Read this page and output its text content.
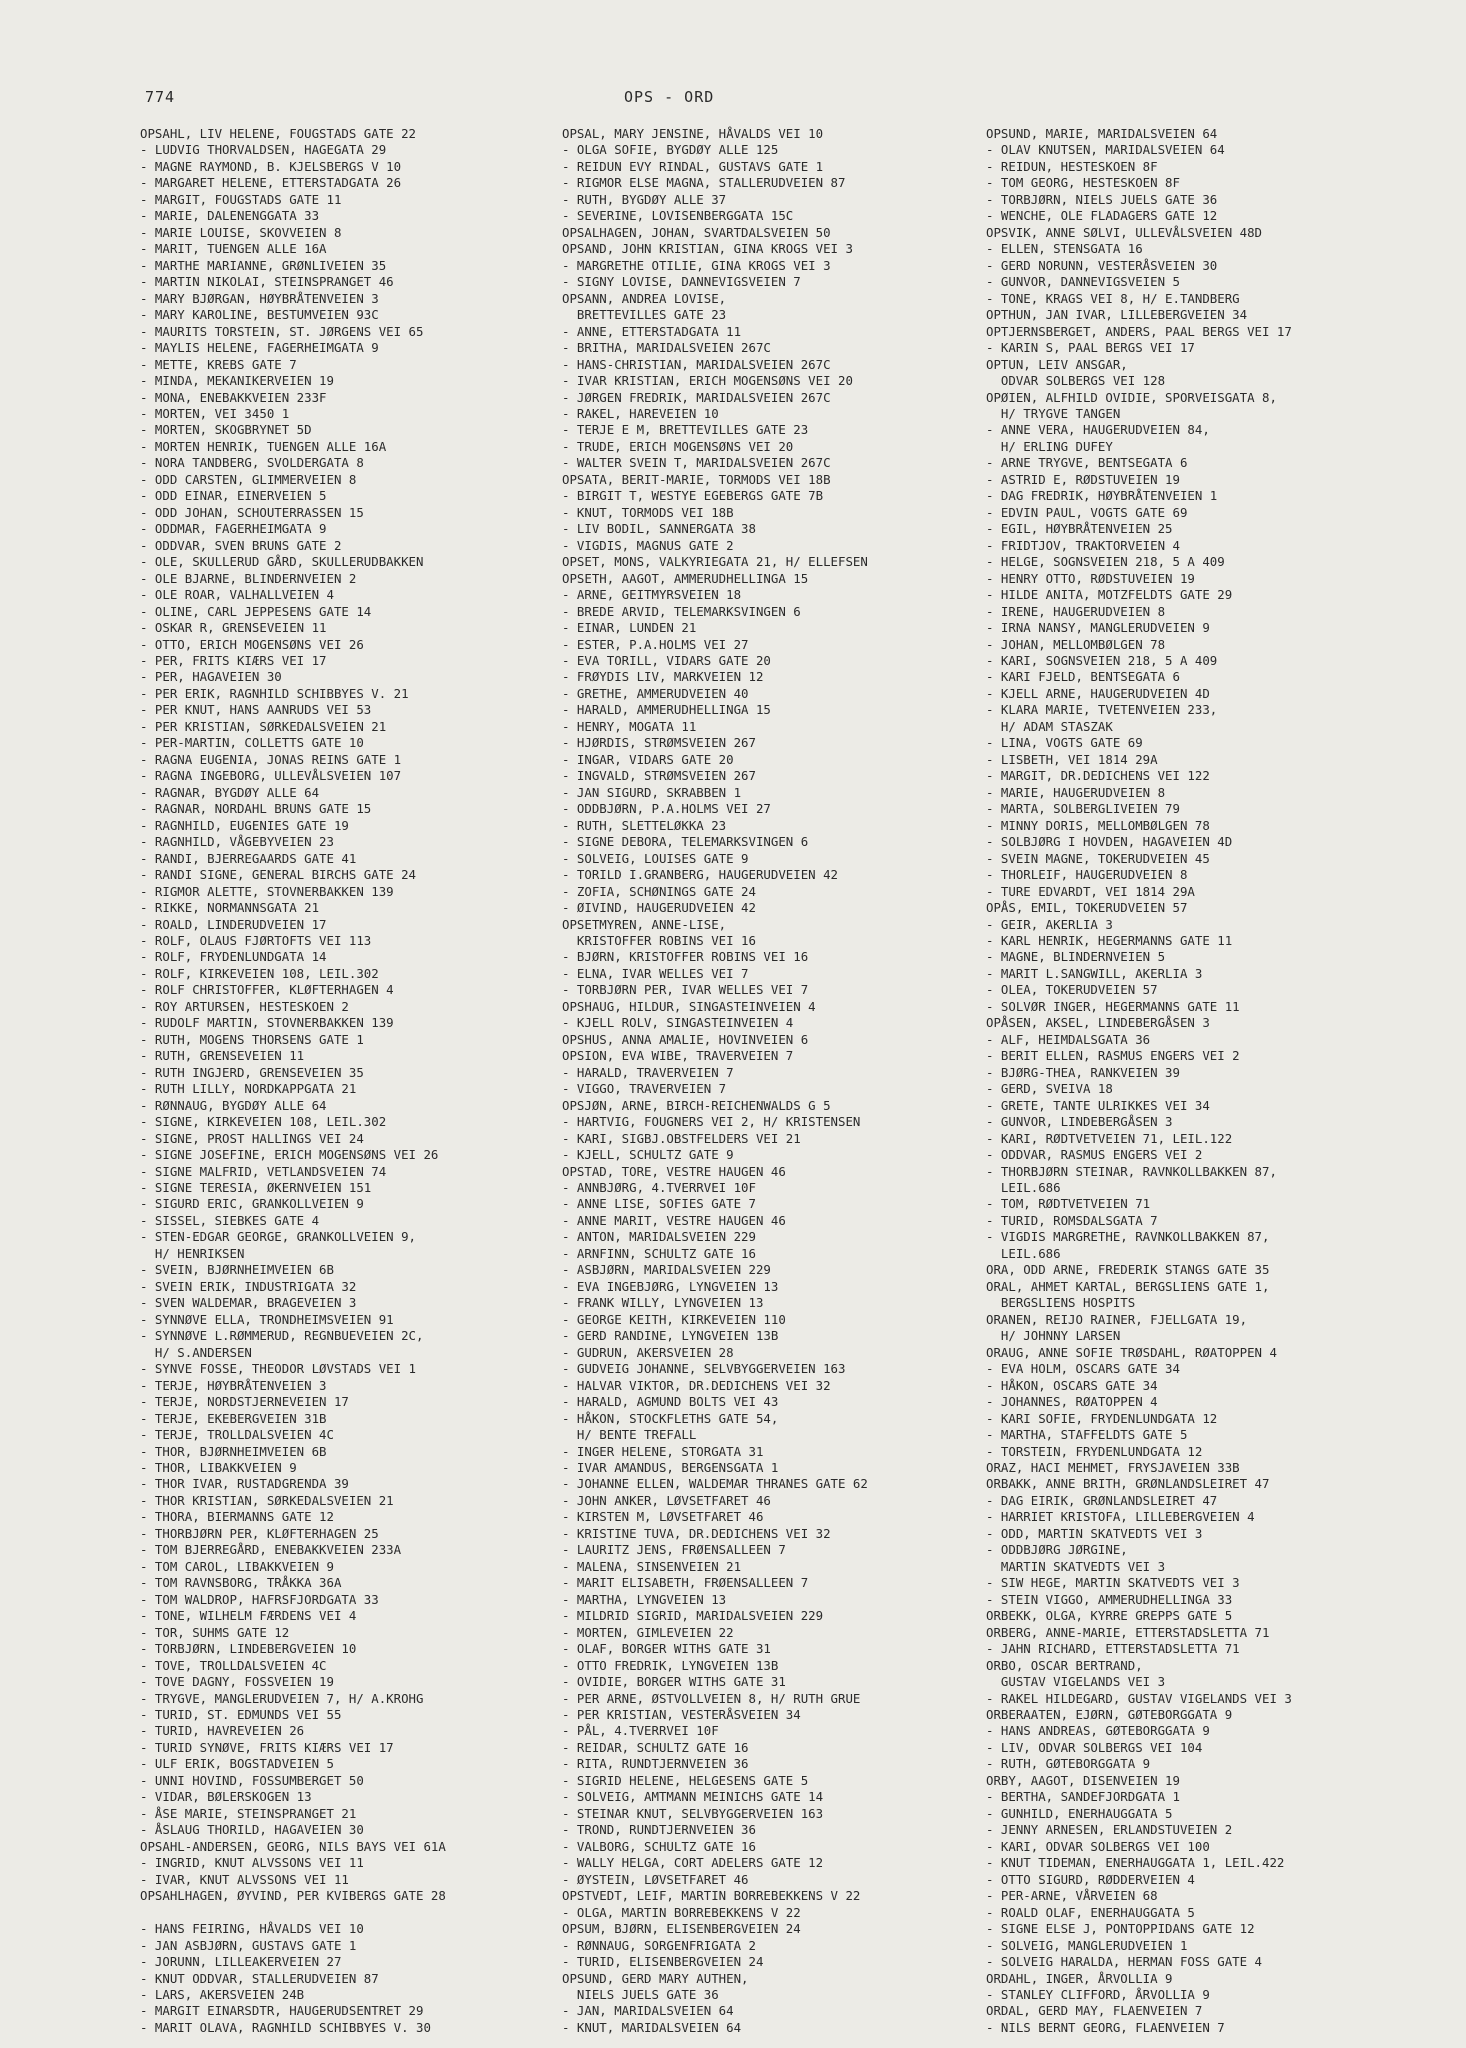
774	OPS - ORD
OPSAHL, LIV HELENE, FOUGSTADS GATE 22
- LUDVIG THORVALDSEN, HAGEGATA 29
- MAGNE RAYMOND, B. KJELSBERGS V 10
- MARGARET HELENE, ETTERSTADGATA 26
- MARGIT, FOUGSTADS GATE 11
- MARIE, DALENENGGATA 33
- MARIE LOUISE, SKOVVEIEN 8
- MARIT, TUENGEN ALLE 16A
- MARTHE MARIANNE, GRØNLIVEIEN 35
- MARTIN NIKOLAI, STEINSPRANGET 46
- MARY BJØRGAN, HØYBRÅTENVEIEN 3
- MARY KAROLINE, BESTUMVEIEN 93C
- MAURITS TORSTEIN, ST. JØRGENS VEI 65
- MAYLIS HELENE, FAGERHEIMGATA 9
- METTE, KREBS GATE 7
- MINDA, MEKANIKERVEIEN 19
- MONA, ENEBAKKVEIEN 233F
- MORTEN, VEI 3450 1
- MORTEN, SKOGBRYNET 5D
- MORTEN HENRIK, TUENGEN ALLE 16A
- NORA TANDBERG, SVOLDERGATA 8
- ODD CARSTEN, GLIMMERVEIEN 8
- ODD EINAR, EINERVEIEN 5
- ODD JOHAN, SCHOUTERRASSEN 15
- ODDMAR, FAGERHEIMGATA 9
- ODDVAR, SVEN BRUNS GATE 2
- OLE, SKULLERUD GÅRD, SKULLERUDBAKKEN
- OLE BJARNE, BLINDERNVEIEN 2
- OLE ROAR, VALHALLVEIEN 4
- OLINE, CARL JEPPESENS GATE 14
- OSKAR R, GRENSEVEIEN 11
- OTTO, ERICH MOGENSØNS VEI 26
- PER, FRITS KIÆRS VEI 17
- PER, HAGAVEIEN 30
- PER ERIK, RAGNHILD SCHIBBYES V. 21
- PER KNUT, HANS AANRUDS VEI 53
- PER KRISTIAN, SØRKEDALSVEIEN 21
- PER-MARTIN, COLLETTS GATE 10
- RAGNA EUGENIA, JONAS REINS GATE 1
- RAGNA INGEBORG, ULLEVÅLSVEIEN 107
- RAGNAR, BYGDØY ALLE 64
- RAGNAR, NORDAHL BRUNS GATE 15
- RAGNHILD, EUGENIES GATE 19
- RAGNHILD, VÅGEBYVEIEN 23
- RANDI, BJERREGAARDS GATE 41
- RANDI SIGNE, GENERAL BIRCHS GATE 24
- RIGMOR ALETTE, STOVNERBAKKEN 139
- RIKKE, NORMANNSGATA 21
- ROALD, LINDERUDVEIEN 17
- ROLF, OLAUS FJØRTOFTS VEI 113
- ROLF, FRYDENLUNDGATA 14
- ROLF, KIRKEVEIEN 108, LEIL.302
- ROLF CHRISTOFFER, KLØFTERHAGEN 4
- ROY ARTURSEN, HESTESKOEN 2
- RUDOLF MARTIN, STOVNERBAKKEN 139
- RUTH, MOGENS THORSENS GATE 1
- RUTH, GRENSEVEIEN 11
- RUTH INGJERD, GRENSEVEIEN 35
- RUTH LILLY, NORDKAPPGATA 21
- RØNNAUG, BYGDØY ALLE 64
- SIGNE, KIRKEVEIEN 108, LEIL.302
- SIGNE, PROST HALLINGS VEI 24
- SIGNE JOSEFINE, ERICH MOGENSØNS VEI 26
- SIGNE MALFRID, VETLANDSVEIEN 74
- SIGNE TERESIA, ØKERNVEIEN 151
- SIGURD ERIC, GRANKOLLVEIEN 9
- SISSEL, SIEBKES GATE 4
- STEN-EDGAR GEORGE, GRANKOLLVEIEN 9,
H/ HENRIKSEN
- SVEIN, BJØRNHEIMVEIEN 6B
- SVEIN ERIK, INDUSTRIGATA 32
- SVEN WALDEMAR, BRAGEVEIEN 3
- SYNNØVE ELLA, TRONDHEIMSVEIEN 91
- SYNNØVE L.RØMMERUD, REGNBUEVEIEN 2C,
H/ S.ANDERSEN
- SYNVE FOSSE, THEODOR LØVSTADS VEI 1
- TERJE, HØYBRÅTENVEIEN 3
- TERJE, NORDSTJERNEVEIEN 17
- TERJE, EKEBERGVEIEN 31B
- TERJE, TROLLDALSVEIEN 4C
- THOR, BJØRNHEIMVEIEN 6B
- THOR, LIBAKKVEIEN 9
- THOR IVAR, RUSTADGRENDA 39
- THOR KRISTIAN, SØRKEDALSVEIEN 21
- THORA, BIERMANNS GATE 12
- THORBJØRN PER, KLØFTERHAGEN 25
- TOM BJERREGÅRD, ENEBAKKVEIEN 233A
- TOM CAROL, LIBAKKVEIEN 9
- TOM RAVNSBORG, TRÅKKA 36A
- TOM WALDROP, HAFRSFJORDGATA 33
- TONE, WILHELM FÆRDENS VEI 4
- TOR, SUHMS GATE 12
- TORBJØRN, LINDEBERGVEIEN 10
- TOVE, TROLLDALSVEIEN 4C
- TOVE DAGNY, FOSSVEIEN 19
- TRYGVE, MANGLERUDVEIEN 7, H/ A.KROHG
- TURID, ST. EDMUNDS VEI 55
- TURID, HAVREVEIEN 26
- TURID SYNØVE, FRITS KIÆRS VEI 17
- ULF ERIK, BOGSTADVEIEN 5
- UNNI HOVIND, FOSSUMBERGET 50
- VIDAR, BØLERSKOGEN 13
- ÅSE MARIE, STEINSPRANGET 21
- ÅSLAUG THORILD, HAGAVEIEN 30
OPSAHL-ANDERSEN, GEORG, NILS BAYS VEI 61A
- INGRID, KNUT ALVSSONS VEI 11
- IVAR, KNUT ALVSSONS VEI 11
OPSAHLHAGEN, ØYVIND, PER KVIBERGS GATE 28
- HANS FEIRING, HÅVALDS VEI 10
- JAN ASBJØRN, GUSTAVS GATE 1
- JORUNN, LILLEAKERVEIEN 27
- KNUT ODDVAR, STALLERUDVEIEN 87
- LARS, AKERSVEIEN 24B
- MARGIT EINARSDTR, HAUGERUDSENTRET 29
- MARIT OLAVA, RAGNHILD SCHIBBYES V. 30
OPSAL, MARY JENSINE, HÅVALDS VEI 10
- OLGA SOFIE, BYGDØY ALLE 125
- REIDUN EVY RINDAL, GUSTAVS GATE 1
- RIGMOR ELSE MAGNA, STALLERUDVEIEN 87
- RUTH, BYGDØY ALLE 37
- SEVERINE, LOVISENBERGGATA 15C
OPSALHAGEN, JOHAN, SVARTDALSVEIEN 50
OPSAND, JOHN KRISTIAN, GINA KROGS VEI 3
- MARGRETHE OTILIE, GINA KROGS VEI 3
- SIGNY LOVISE, DANNEVIGSVEIEN 7
OPSANN, ANDREA LOVISE,
BRETTEVILLES GATE 23
- ANNE, ETTERSTADGATA 11
- BRITHA, MARIDALSVEIEN 267C
- HANS-CHRISTIAN, MARIDALSVEIEN 267C
- IVAR KRISTIAN, ERICH MOGENSØNS VEI 20
- JØRGEN FREDRIK, MARIDALSVEIEN 267C
- RAKEL, HAREVEIEN 10
- TERJE E M, BRETTEVILLES GATE 23
- TRUDE, ERICH MOGENSØNS VEI 20
- WALTER SVEIN T, MARIDALSVEIEN 267C
OPSATA, BERIT-MARIE, TORMODS VEI 18B
- BIRGIT T, WESTYE EGEBERGS GATE 7B
- KNUT, TORMODS VEI 18B
- LIV BODIL, SANNERGATA 38
- VIGDIS, MAGNUS GATE 2
OPSET, MONS, VALKYRIEGATA 21, H/ ELLEFSEN
OPSETH, AAGOT, AMMERUDHELLINGA 15
- ARNE, GEITMYRSVEIEN 18
- BREDE ARVID, TELEMARKSVINGEN 6
- EINAR, LUNDEN 21
- ESTER, P.A.HOLMS VEI 27
- EVA TORILL, VIDARS GATE 20
- FRØYDIS LIV, MARKVEIEN 12
- GRETHE, AMMERUDVEIEN 40
- HARALD, AMMERUDHELLINGA 15
- HENRY, MOGATA 11
- HJØRDIS, STRØMSVEIEN 267
- INGAR, VIDARS GATE 20
- INGVALD, STRØMSVEIEN 267
- JAN SIGURD, SKRABBEN 1
- ODDBJØRN, P.A.HOLMS VEI 27
- RUTH, SLETTELØKKA 23
- SIGNE DEBORA, TELEMARKSVINGEN 6
- SOLVEIG, LOUISES GATE 9
- TORILD I.GRANBERG, HAUGERUDVEIEN 42
- ZOFIA, SCHØNINGS GATE 24
- ØIVIND, HAUGERUDVEIEN 42
OPSETMYREN, ANNE-LISE,
KRISTOFFER ROBINS VEI 16
- BJØRN, KRISTOFFER ROBINS VEI 16
- ELNA, IVAR WELLES VEI 7
- TORBJØRN PER, IVAR WELLES VEI 7
OPSHAUG, HILDUR, SINGASTEINVEIEN 4
- KJELL ROLV, SINGASTEINVEIEN 4
OPSHUS, ANNA AMALIE, HOVINVEIEN 6
OPSION, EVA WIBE, TRAVERVEIEN 7
- HARALD, TRAVERVEIEN 7
- VIGGO, TRAVERVEIEN 7
OPSJØN, ARNE, BIRCH-REICHENWALDS G 5
- HARTVIG, FOUGNERS VEI 2, H/ KRISTENSEN
- KARI, SIGBJ.OBSTFELDERS VEI 21
- KJELL, SCHULTZ GATE 9
OPSTAD, TORE, VESTRE HAUGEN 46
- ANNBJØRG, 4.TVERRVEI 10F
- ANNE LISE, SOFIES GATE 7
- ANNE MARIT, VESTRE HAUGEN 46
- ANTON, MARIDALSVEIEN 229
- ARNFINN, SCHULTZ GATE 16
- ASBJØRN, MARIDALSVEIEN 229
- EVA INGEBJØRG, LYNGVEIEN 13
- FRANK WILLY, LYNGVEIEN 13
- GEORGE KEITH, KIRKEVEIEN 110
- GERD RANDINE, LYNGVEIEN 13B
- GUDRUN, AKERSVEIEN 28
- GUDVEIG JOHANNE, SELVBYGGERVEIEN 163
- HALVAR VIKTOR, DR.DEDICHENS VEI 32
- HARALD, AGMUND BOLTS VEI 43
- HÅKON, STOCKFLETHS GATE 54,
H/ BENTE TREFALL
- INGER HELENE, STORGATA 31
- IVAR AMANDUS, BERGENSGATA 1
- JOHANNE ELLEN, WALDEMAR THRANES GATE 62
- JOHN ANKER, LØVSETFARET 46
- KIRSTEN M, LØVSETFARET 46
- KRISTINE TUVA, DR.DEDICHENS VEI 32
- LAURITZ JENS, FRØENSALLEEN 7
- MALENA, SINSENVEIEN 21
- MARIT ELISABETH, FRØENSALLEEN 7
- MARTHA, LYNGVEIEN 13
- MILDRID SIGRID, MARIDALSVEIEN 229
- MORTEN, GIMLEVEIEN 22
- OLAF, BORGER WITHS GATE 31
- OTTO FREDRIK, LYNGVEIEN 13B
- OVIDIE, BORGER WITHS GATE 31
- PER ARNE, ØSTVOLLVEIEN 8, H/ RUTH GRUE
- PER KRISTIAN, VESTERÅSVEIEN 34
- PÅL, 4.TVERRVEI 10F
- REIDAR, SCHULTZ GATE 16
- RITA, RUNDTJERNVEIEN 36
- SIGRID HELENE, HELGESENS GATE 5
- SOLVEIG, AMTMANN MEINICHS GATE 14
- STEINAR KNUT, SELVBYGGERVEIEN 163
- TROND, RUNDTJERNVEIEN 36
- VALBORG, SCHULTZ GATE 16
- WALLY HELGA, CORT ADELERS GATE 12
- ØYSTEIN, LØVSETFARET 46
OPSTVEDT, LEIF, MARTIN BORREBEKKENS V 22
- OLGA, MARTIN BORREBEKKENS V 22
OPSUM, BJØRN, ELISENBERGVEIEN 24
- RØNNAUG, SORGENFRIGATA 2
- TURID, ELISENBERGVEIEN 24
OPSUND, GERD MARY AUTHEN,
NIELS JUELS GATE 36
- JAN, MARIDALSVEIEN 64
- KNUT, MARIDALSVEIEN 64
OPSUND, MARIE, MARIDALSVEIEN 64
- OLAV KNUTSEN, MARIDALSVEIEN 64
- REIDUN, HESTESKOEN 8F
- TOM GEORG, HESTESKOEN 8F
- TORBJØRN, NIELS JUELS GATE 36
- WENCHE, OLE FLADAGERS GATE 12
OPSVIK, ANNE SØLVI, ULLEVÅLSVEIEN 48D
- ELLEN, STENSGATA 16
- GERD NORUNN, VESTERÅSVEIEN 30
- GUNVOR, DANNEVIGSVEIEN 5
- TONE, KRAGS VEI 8, H/ E.TANDBERG
OPTHUN, JAN IVAR, LILLEBERGVEIEN 34
OPTJERNSBERGET, ANDERS, PAAL BERGS VEI 17
- KARIN S, PAAL BERGS VEI 17
OPTUN, LEIV ANSGAR,
ODVAR SOLBERGS VEI 128
OPØIEN, ALFHILD OVIDIE, SPORVEISGATA 8,
H/ TRYGVE TANGEN
- ANNE VERA, HAUGERUDVEIEN 84,
H/ ERLING DUFEY
- ARNE TRYGVE, BENTSEGATA 6
- ASTRID E, RØDSTUVEIEN 19
- DAG FREDRIK, HØYBRÅTENVEIEN 1
- EDVIN PAUL, VOGTS GATE 69
- EGIL, HØYBRÅTENVEIEN 25
- FRIDTJOV, TRAKTORVEIEN 4
- HELGE, SOGNSVEIEN 218, 5 A 409
- HENRY OTTO, RØDSTUVEIEN 19
- HILDE ANITA, MOTZFELDTS GATE 29
- IRENE, HAUGERUDVEIEN 8
- IRNA NANSY, MANGLERUDVEIEN 9
- JOHAN, MELLOMBØLGEN 78
- KARI, SOGNSVEIEN 218, 5 A 409
- KARI FJELD, BENTSEGATA 6
- KJELL ARNE, HAUGERUDVEIEN 4D
- KLARA MARIE, TVETENVEIEN 233,
H/ ADAM STASZAK
- LINA, VOGTS GATE 69
- LISBETH, VEI 1814 29A
- MARGIT, DR.DEDICHENS VEI 122
- MARIE, HAUGERUDVEIEN 8
- MARTA, SOLBERGLIVEIEN 79
- MINNY DORIS, MELLOMBØLGEN 78
- SOLBJØRG I HOVDEN, HAGAVEIEN 4D
- SVEIN MAGNE, TOKERUDVEIEN 45
- THORLEIF, HAUGERUDVEIEN 8
- TURE EDVARDT, VEI 1814 29A
OPÅS, EMIL, TOKERUDVEIEN 57
- GEIR, AKERLIA 3
- KARL HENRIK, HEGERMANNS GATE 11
- MAGNE, BLINDERNVEIEN 5
- MARIT L.SANGWILL, AKERLIA 3
- OLEA, TOKERUDVEIEN 57
- SOLVØR INGER, HEGERMANNS GATE 11
OPÅSEN, AKSEL, LINDEBERGÅSEN 3
- ALF, HEIMDALSGATA 36
- BERIT ELLEN, RASMUS ENGERS VEI 2
- BJØRG-THEA, RANKVEIEN 39
- GERD, SVEIVA 18
- GRETE, TANTE ULRIKKES VEI 34
- GUNVOR, LINDEBERGÅSEN 3
- KARI, RØDTVETVEIEN 71, LEIL.122
- ODDVAR, RASMUS ENGERS VEI 2
- THORBJØRN STEINAR, RAVNKOLLBAKKEN 87,
LEIL.686
- TOM, RØDTVETVEIEN 71
- TURID, ROMSDALSGATA 7
- VIGDIS MARGRETHE, RAVNKOLLBAKKEN 87,
LEIL.686
ORA, ODD ARNE, FREDERIK STANGS GATE 35
ORAL, AHMET KARTAL, BERGSLIENS GATE 1,
BERGSLIENS HOSPITS
ORANEN, REIJO RAINER, FJELLGATA 19,
H/ JOHNNY LARSEN
ORAUG, ANNE SOFIE TRØSDAHL, RØATOPPEN 4
- EVA HOLM, OSCARS GATE 34
- HÅKON, OSCARS GATE 34
- JOHANNES, RØATOPPEN 4
- KARI SOFIE, FRYDENLUNDGATA 12
- MARTHA, STAFFELDTS GATE 5
- TORSTEIN, FRYDENLUNDGATA 12
ORAZ, HACI MEHMET, FRYSJAVEIEN 33B
ORBAKK, ANNE BRITH, GRØNLANDSLEIRET 47
- DAG EIRIK, GRØNLANDSLEIRET 47
- HARRIET KRISTOFA, LILLEBERGVEIEN 4
- ODD, MARTIN SKATVEDTS VEI 3
- ODDBJØRG JØRGINE,
MARTIN SKATVEDTS VEI 3
- SIW HEGE, MARTIN SKATVEDTS VEI 3
- STEIN VIGGO, AMMERUDHELLINGA 33
ORBEKK, OLGA, KYRRE GREPPS GATE 5
ORBERG, ANNE-MARIE, ETTERSTADSLETTA 71
- JAHN RICHARD, ETTERSTADSLETTA 71
ORBO, OSCAR BERTRAND,
GUSTAV VIGELANDS VEI 3
- RAKEL HILDEGARD, GUSTAV VIGELANDS VEI 3
ORBERAATEN, EJØRN, GØTEBORGGATA 9
- HANS ANDREAS, GØTEBORGGATA 9
- LIV, ODVAR SOLBERGS VEI 104
- RUTH, GØTEBORGGATA 9
ORBY, AAGOT, DISENVEIEN 19
- BERTHA, SANDEFJORDGATA 1
- GUNHILD, ENERHAUGGATA 5
- JENNY ARNESEN, ERLANDSTUVEIEN 2
- KARI, ODVAR SOLBERGS VEI 100
- KNUT TIDEMAN, ENERHAUGGATA 1, LEIL.422
- OTTO SIGURD, RØDDERVEIEN 4
- PER-ARNE, VÅRVEIEN 68
- ROALD OLAF, ENERHAUGGATA 5
- SIGNE ELSE J, PONTOPPIDANS GATE 12
- SOLVEIG, MANGLERUDVEIEN 1
- SOLVEIG HARALDA, HERMAN FOSS GATE 4
ORDAHL, INGER, ÅRVOLLIA 9
- STANLEY CLIFFORD, ÅRVOLLIA 9
ORDAL, GERD MAY, FLAENVEIEN 7
- NILS BERNT GEORG, FLAENVEIEN 7
